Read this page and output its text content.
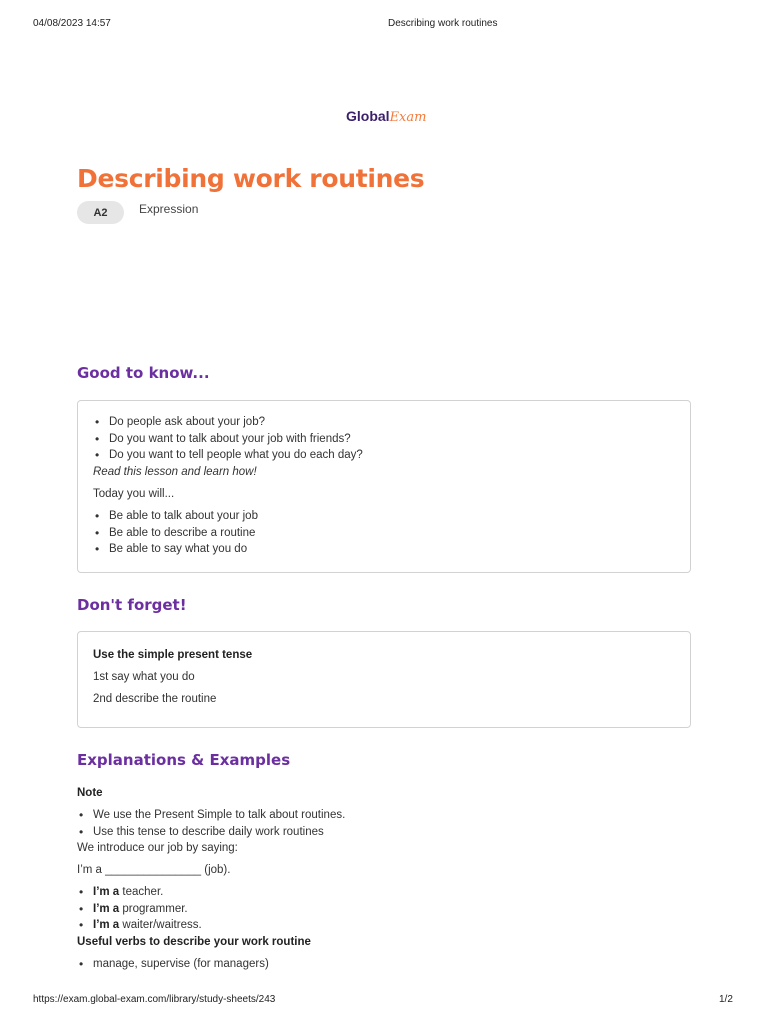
04/08/2023 14:57	Describing work routines
GlobalExam
Describing work routines
A2	Expression
Good to know...
• Do people ask about your job?
• Do you want to talk about your job with friends?
• Do you want to tell people what you do each day?
Read this lesson and learn how!
Today you will...
• Be able to talk about your job
• Be able to describe a routine
• Be able to say what you do
Don't forget!
Use the simple present tense
1st say what you do
2nd describe the routine
Explanations & Examples
Note
• We use the Present Simple to talk about routines.
• Use this tense to describe daily work routines
We introduce our job by saying:
I’m a _______________ (job).
• I’m a teacher.
• I’m a programmer.
• I’m a waiter/waitress.
Useful verbs to describe your work routine
• manage, supervise (for managers)
https://exam.global-exam.com/library/study-sheets/243	1/2
